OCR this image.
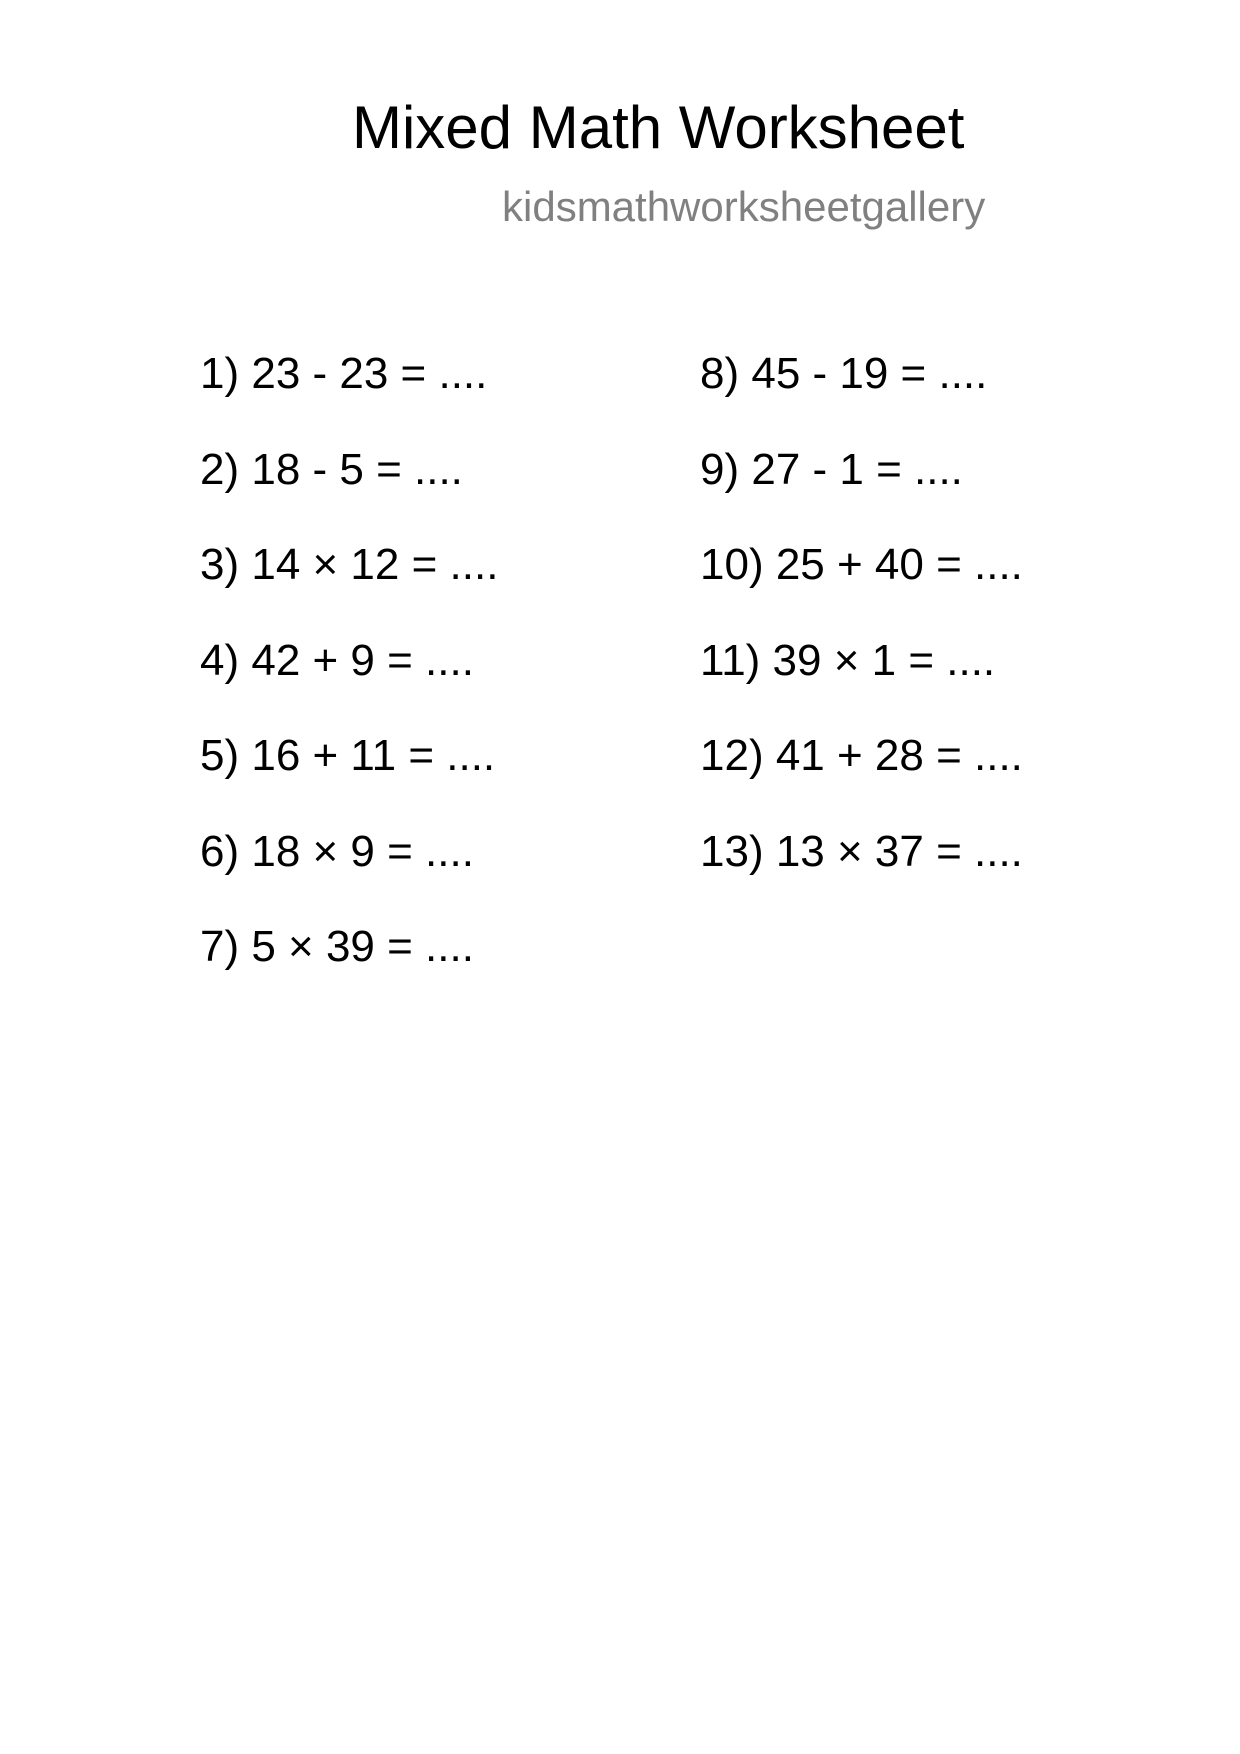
Mixed Math Worksheet
kidsmathworksheetgallery
1) 23 - 23 = ....
2) 18 - 5 = ....
3) 14 × 12 = ....
4) 42 + 9 = ....
5) 16 + 11 = ....
6) 18 × 9 = ....
7) 5 × 39 = ....
8) 45 - 19 = ....
9) 27 - 1 = ....
10) 25 + 40 = ....
11) 39 × 1 = ....
12) 41 + 28 = ....
13) 13 × 37 = ....
